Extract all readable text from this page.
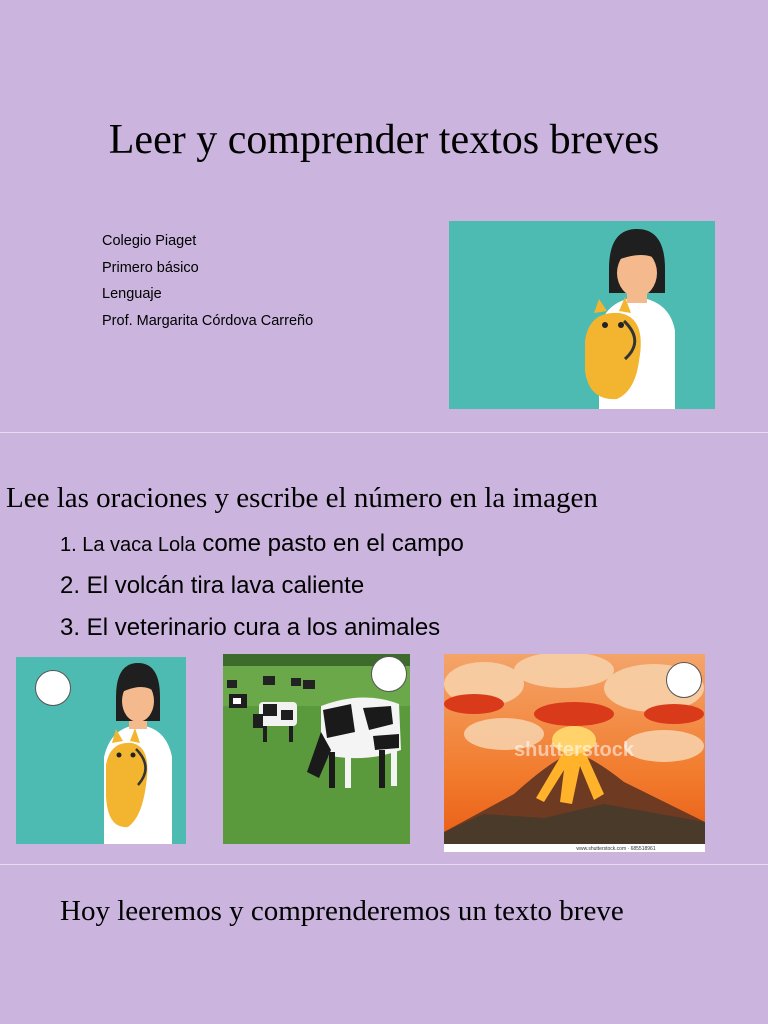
Leer y comprender textos breves
Colegio Piaget
Primero básico
Lenguaje
Prof. Margarita Córdova Carreño
Lee las oraciones y escribe el número en la imagen
1. La vaca Lola come pasto en el campo
2. El volcán tira lava caliente
3. El veterinario cura a los animales
shutterstock
www.shutterstock.com · 685518961
Hoy leeremos y comprenderemos un texto breve
